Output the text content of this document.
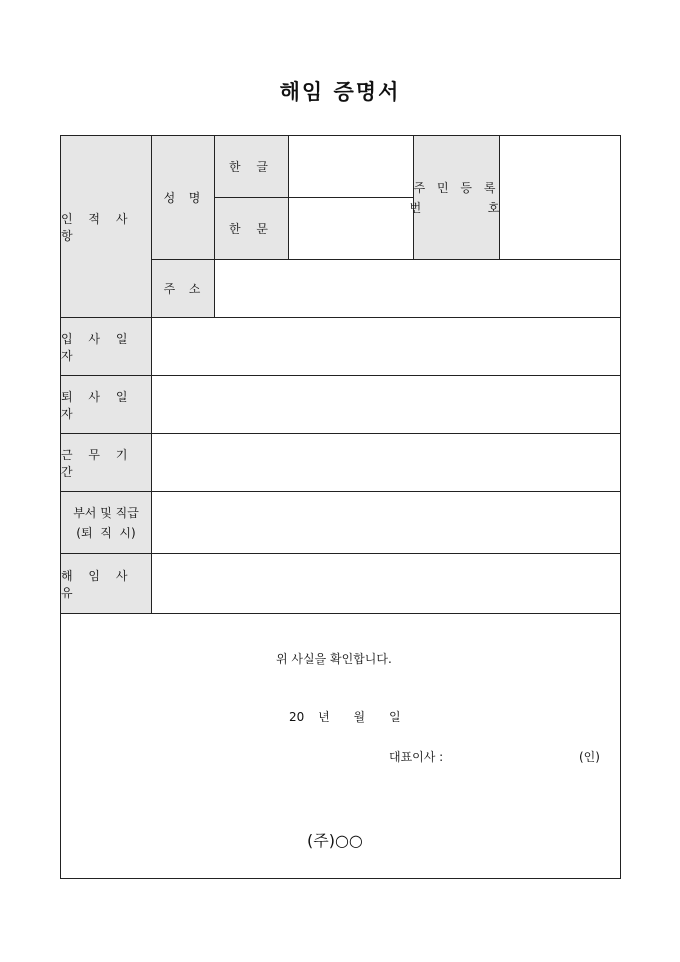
해임 증명서
인 적 사 항
성  명
한 글
한 문
주 민 등 록
번        호
주  소
입 사 일 자
퇴 사 일 자
근 무 기 간
부서 및 직급
(퇴  직  시)
해 임 사 유
위 사실을 확인합니다.
20 년 월 일
대표이사 :	(인)
(주)○○
